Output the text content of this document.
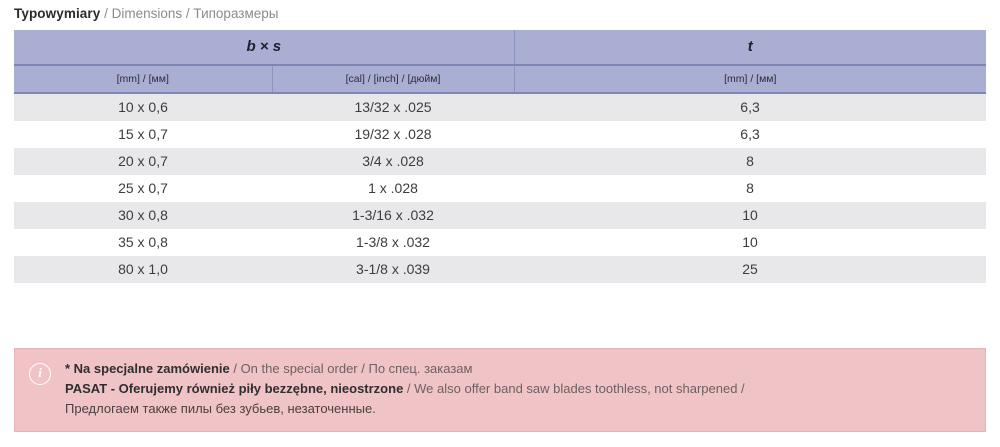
Typowymiary / Dimensions / Типоразмеры
b × s		t
[mm] / [мм]	[cal] / [inch] / [дюйм]	[mm] / [мм]
10 x 0,6	13/32 x .025	6,3
15 x 0,7	19/32 x .028	6,3
20 x 0,7	3/4 x .028	8
25 x 0,7	1 x .028	8
30 x 0,8	1-3/16 x .032	10
35 x 0,8	1-3/8 x .032	10
80 x 1,0	3-1/8 x .039	25

i	* Na specjalne zamówienie / On the special order / По спец. заказам
PASAT - Oferujemy również piły bezzębne, nieostrzone / We also offer band saw blades toothless, not sharpened /
Предлогаем также пилы без зубьев, незаточенные.
